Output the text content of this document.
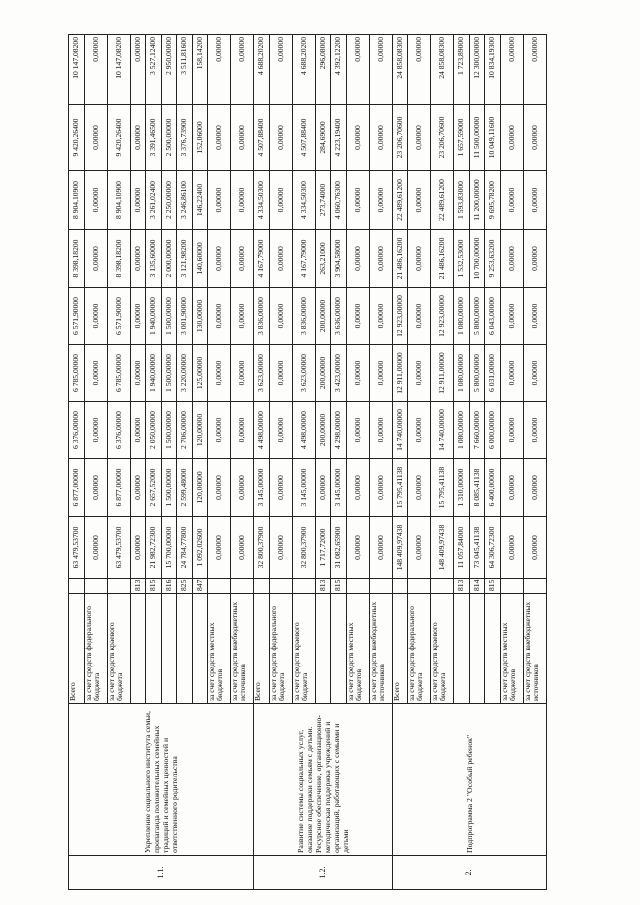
1.1.	Укрепление социального института семьи, пропаганда положительных семейных традиций и семейных ценностей и ответственного родительства	Всего		63 479,53700	6 877,00000	6 376,00000	6 785,00000	6 571,90000	8 398,18200	8 904,10900	9 420,26400	10 147,08200
		за счет средств федерального бюджета		0,00000	0,00000	0,00000	0,00000	0,00000	0,00000	0,00000	0,00000	0,00000
		за счет средств краевого бюджета		63 479,53700	6 877,00000	6 376,00000	6 785,00000	6 571,90000	8 398,18200	8 904,10900	9 420,26400	10 147,08200
			813	0,00000	0,00000	0,00000	0,00000	0,00000	0,00000	0,00000	0,00000	0,00000
			815	21 982,72300	2 657,52000	2 050,00000	1 940,00000	1 940,00000	3 135,60000	3 261,02400	3 391,46500	3 527,12400
			816	15 700,00000	1 500,00000	1 500,00000	1 500,00000	1 500,00000	2 000,00000	2 250,00000	2 500,00000	2 950,00000
			825	24 784,77800	2 599,48000	2 706,00000	3 220,00000	3 001,90000	3 121,98200	3 246,86100	3 376,73900	3 511,81600
			847	1 092,02600	120,00000	120,00000	125,00000	130,00000	140,60000	146,22400	152,06000	158,14200
		за счет средств местных бюджетов		0,00000	0,00000	0,00000	0,00000	0,00000	0,00000	0,00000	0,00000	0,00000
		за счет средств внебюджетных источников		0,00000	0,00000	0,00000	0,00000	0,00000	0,00000	0,00000	0,00000	0,00000
1.2.	Развитие системы социальных услуг, оказание поддержки семьям с детьми. Ресурсное обеспечение, организационно-методическая поддержка учреждений и организаций, работающих с семьями и детьми	Всего		32 800,37900	3 145,00000	4 498,00000	3 623,00000	3 836,00000	4 167,79000	4 334,50300	4 507,88400	4 688,20200
		за счет средств федерального бюджета		0,00000	0,00000	0,00000	0,00000	0,00000	0,00000	0,00000	0,00000	0,00000
		за счет средств краевого бюджета		32 800,37900	3 145,00000	4 498,00000	3 623,00000	3 836,00000	4 167,79000	4 334,50300	4 507,88400	4 688,20200
			813	1 717,72000	0,00000	200,00000	200,00000	200,00000	263,21000	273,74000	284,69000	296,08000
			815	31 082,65900	3 145,00000	4 298,00000	3 423,00000	3 636,00000	3 904,58000	4 060,76300	4 223,19400	4 392,12200
		за счет средств местных бюджетов		0,00000	0,00000	0,00000	0,00000	0,00000	0,00000	0,00000	0,00000	0,00000
		за счет средств внебюджетных источников		0,00000	0,00000	0,00000	0,00000	0,00000	0,00000	0,00000	0,00000	0,00000
2.	Подпрограмма 2 "Особый ребенок"	Всего		148 409,97438	15 795,41138	14 740,00000	12 911,00000	12 923,00000	21 486,16200	22 489,61200	23 206,70600	24 858,08300
		за счет средств федерального бюджета		0,00000	0,00000	0,00000	0,00000	0,00000	0,00000	0,00000	0,00000	0,00000
		за счет средств краевого бюджета		148 409,97438	15 795,41138	14 740,00000	12 911,00000	12 923,00000	21 486,16200	22 489,61200	23 206,70600	24 858,08300
			813	11 057,84000	1 310,00000	1 080,00000	1 080,00000	1 080,00000	1 532,53000	1 593,83000	1 657,59000	1 723,89000
			814	73 045,41138	8 085,41138	7 660,00000	5 800,00000	5 800,00000	10 700,00000	11 200,00000	11 500,00000	12 300,00000
			815	64 306,72300	6 400,00000	6 000,00000	6 031,00000	6 043,00000	9 253,63200	9 695,78200	10 049,11600	10 834,19300
		за счет средств местных бюджетов		0,00000	0,00000	0,00000	0,00000	0,00000	0,00000	0,00000	0,00000	0,00000
		за счет средств внебюджетных источников		0,00000	0,00000	0,00000	0,00000	0,00000	0,00000	0,00000	0,00000	0,00000
